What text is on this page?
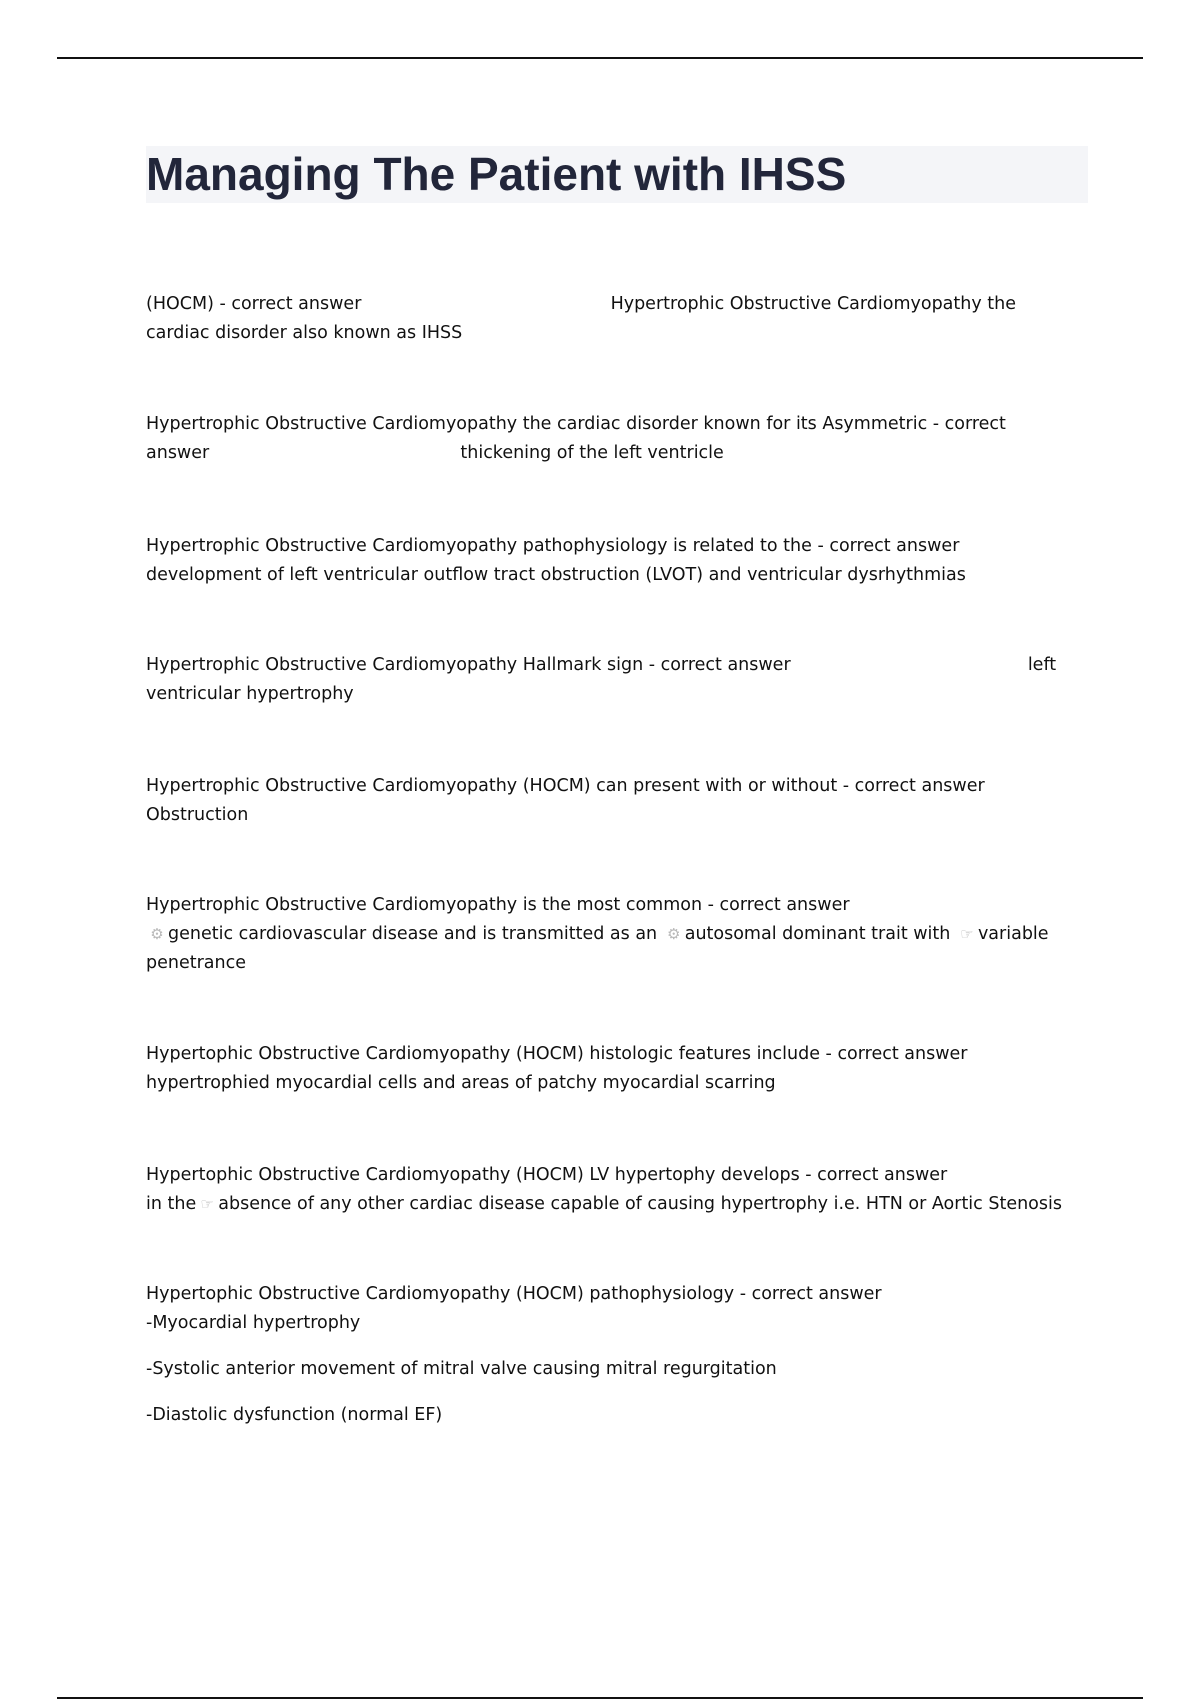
Managing The Patient with IHSS
(HOCM) - correct answer	Hypertrophic Obstructive Cardiomyopathy the
cardiac disorder also known as IHSS
Hypertrophic Obstructive Cardiomyopathy the cardiac disorder known for its Asymmetric - correct
answer	thickening of the left ventricle
Hypertrophic Obstructive Cardiomyopathy pathophysiology is related to the - correct answer
development of left ventricular outflow tract obstruction (LVOT) and ventricular dysrhythmias
Hypertrophic Obstructive Cardiomyopathy Hallmark sign - correct answer	left
ventricular hypertrophy
Hypertrophic Obstructive Cardiomyopathy (HOCM) can present with or without - correct answer
Obstruction
Hypertrophic Obstructive Cardiomyopathy is the most common - correct answer
⚙ genetic cardiovascular disease and is transmitted as an ⚙ autosomal dominant trait with ☞ variable
penetrance
Hypertophic Obstructive Cardiomyopathy (HOCM) histologic features include - correct answer
hypertrophied myocardial cells and areas of patchy myocardial scarring
Hypertophic Obstructive Cardiomyopathy (HOCM) LV hypertophy develops - correct answer
in the ☞ absence of any other cardiac disease capable of causing hypertrophy i.e. HTN or Aortic Stenosis
Hypertophic Obstructive Cardiomyopathy (HOCM) pathophysiology - correct answer
-Myocardial hypertrophy
-Systolic anterior movement of mitral valve causing mitral regurgitation
-Diastolic dysfunction (normal EF)
